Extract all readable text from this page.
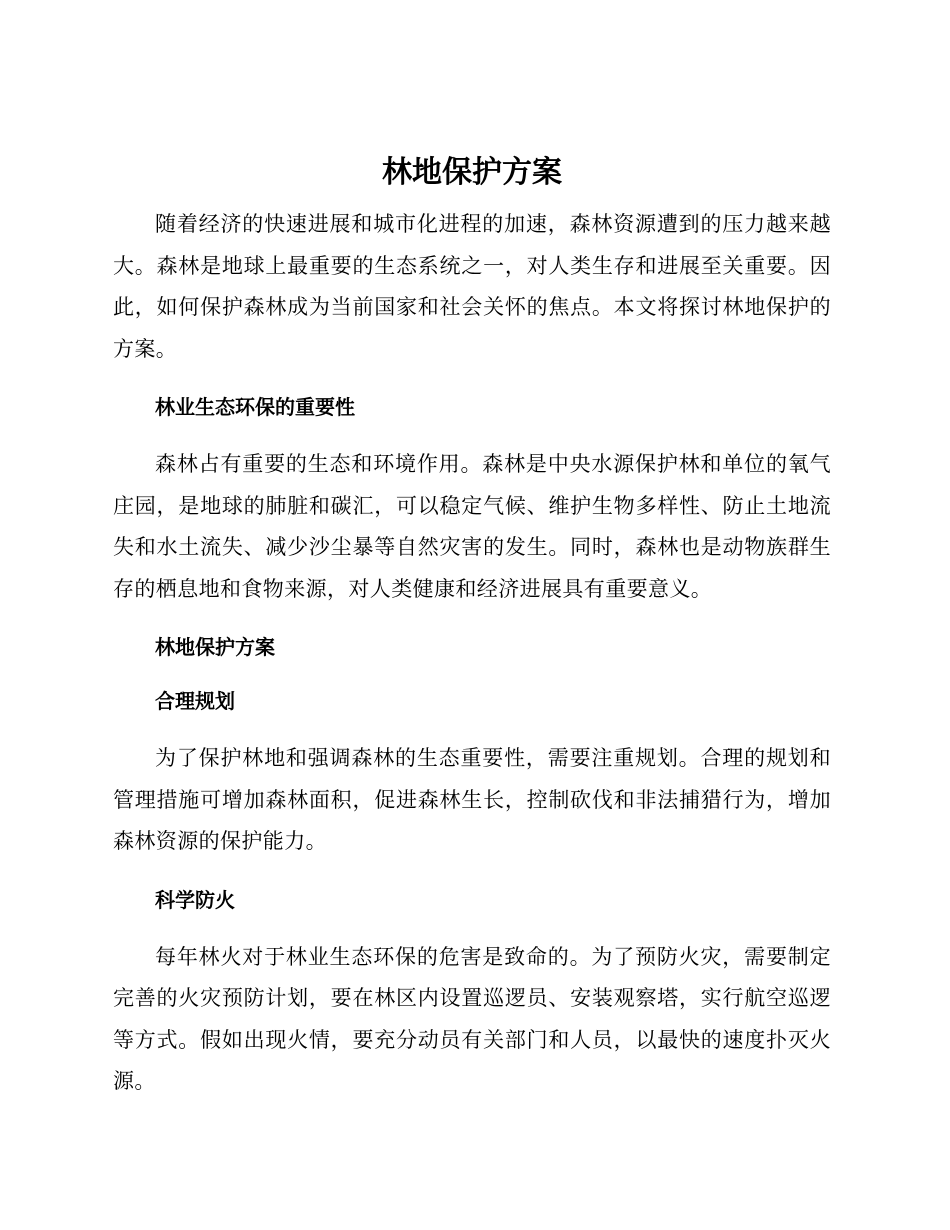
林地保护方案

随着经济的快速进展和城市化进程的加速，森林资源遭到的压力越来越大。森林是地球上最重要的生态系统之一，对人类生存和进展至关重要。因此，如何保护森林成为当前国家和社会关怀的焦点。本文将探讨林地保护的方案。

林业生态环保的重要性

森林占有重要的生态和环境作用。森林是中央水源保护林和单位的氧气庄园，是地球的肺脏和碳汇，可以稳定气候、维护生物多样性、防止土地流失和水土流失、减少沙尘暴等自然灾害的发生。同时，森林也是动物族群生存的栖息地和食物来源，对人类健康和经济进展具有重要意义。

林地保护方案
合理规划

为了保护林地和强调森林的生态重要性，需要注重规划。合理的规划和管理措施可增加森林面积，促进森林生长，控制砍伐和非法捕猎行为，增加森林资源的保护能力。

科学防火

每年林火对于林业生态环保的危害是致命的。为了预防火灾，需要制定完善的火灾预防计划，要在林区内设置巡逻员、安装观察塔，实行航空巡逻等方式。假如出现火情，要充分动员有关部门和人员，以最快的速度扑灭火源。
